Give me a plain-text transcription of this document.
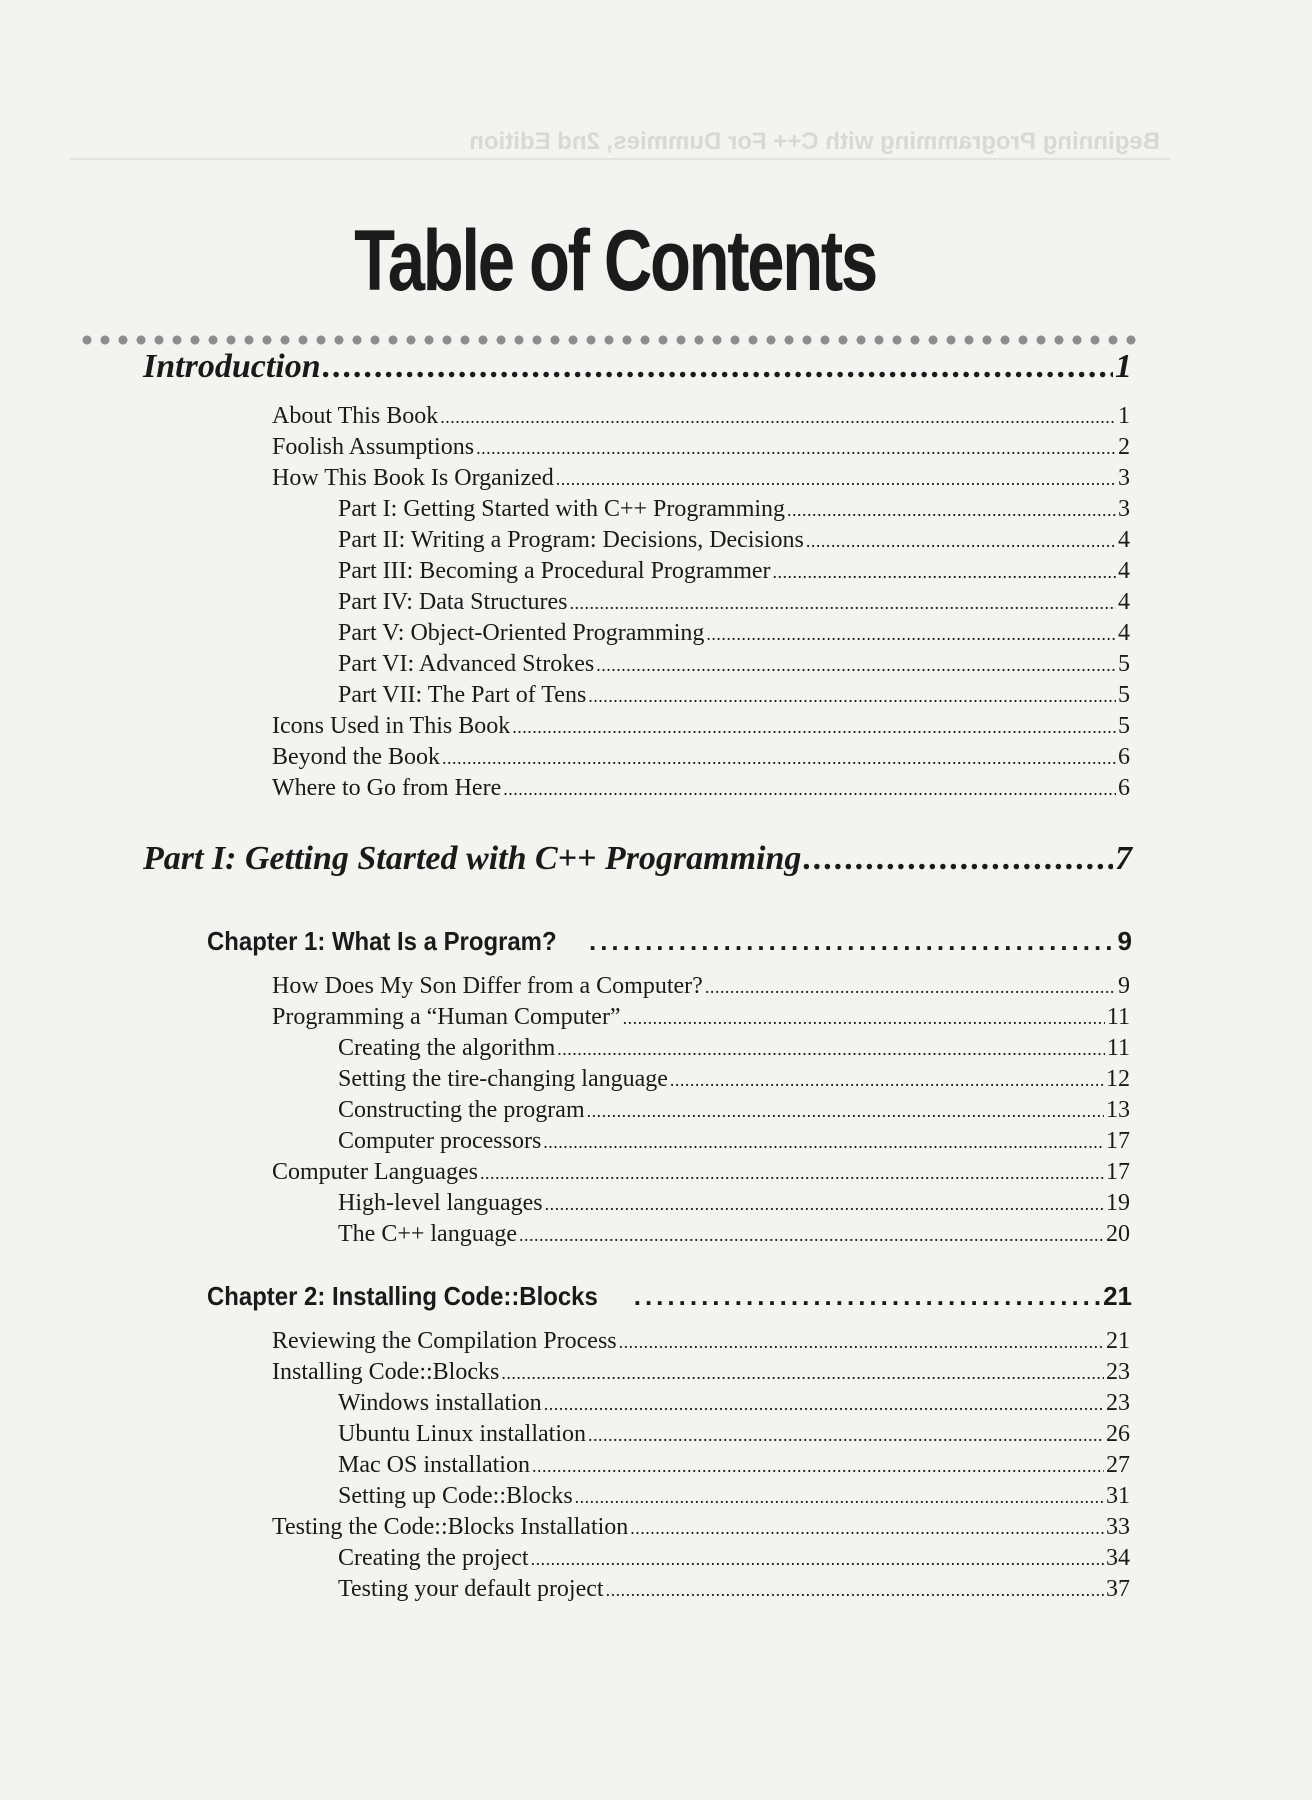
Beginning Programming with C++ For Dummies, 2nd Edition
Table of Contents
Introduction .....	1
About This Book .....	1
Foolish Assumptions .....	2
How This Book Is Organized .....	3
Part I: Getting Started with C++ Programming .....	3
Part II: Writing a Program: Decisions, Decisions .....	4
Part III: Becoming a Procedural Programmer .....	4
Part IV: Data Structures .....	4
Part V: Object-Oriented Programming .....	4
Part VI: Advanced Strokes .....	5
Part VII: The Part of Tens .....	5
Icons Used in This Book .....	5
Beyond the Book .....	6
Where to Go from Here .....	6
Part I: Getting Started with C++ Programming .....	7
Chapter 1: What Is a Program? .....	9
How Does My Son Differ from a Computer? .....	9
Programming a “Human Computer” .....	11
Creating the algorithm .....	11
Setting the tire-changing language .....	12
Constructing the program .....	13
Computer processors .....	17
Computer Languages .....	17
High-level languages .....	19
The C++ language .....	20
Chapter 2: Installing Code::Blocks .....	21
Reviewing the Compilation Process .....	21
Installing Code::Blocks .....	23
Windows installation .....	23
Ubuntu Linux installation .....	26
Mac OS installation .....	27
Setting up Code::Blocks .....	31
Testing the Code::Blocks Installation .....	33
Creating the project .....	34
Testing your default project .....	37
